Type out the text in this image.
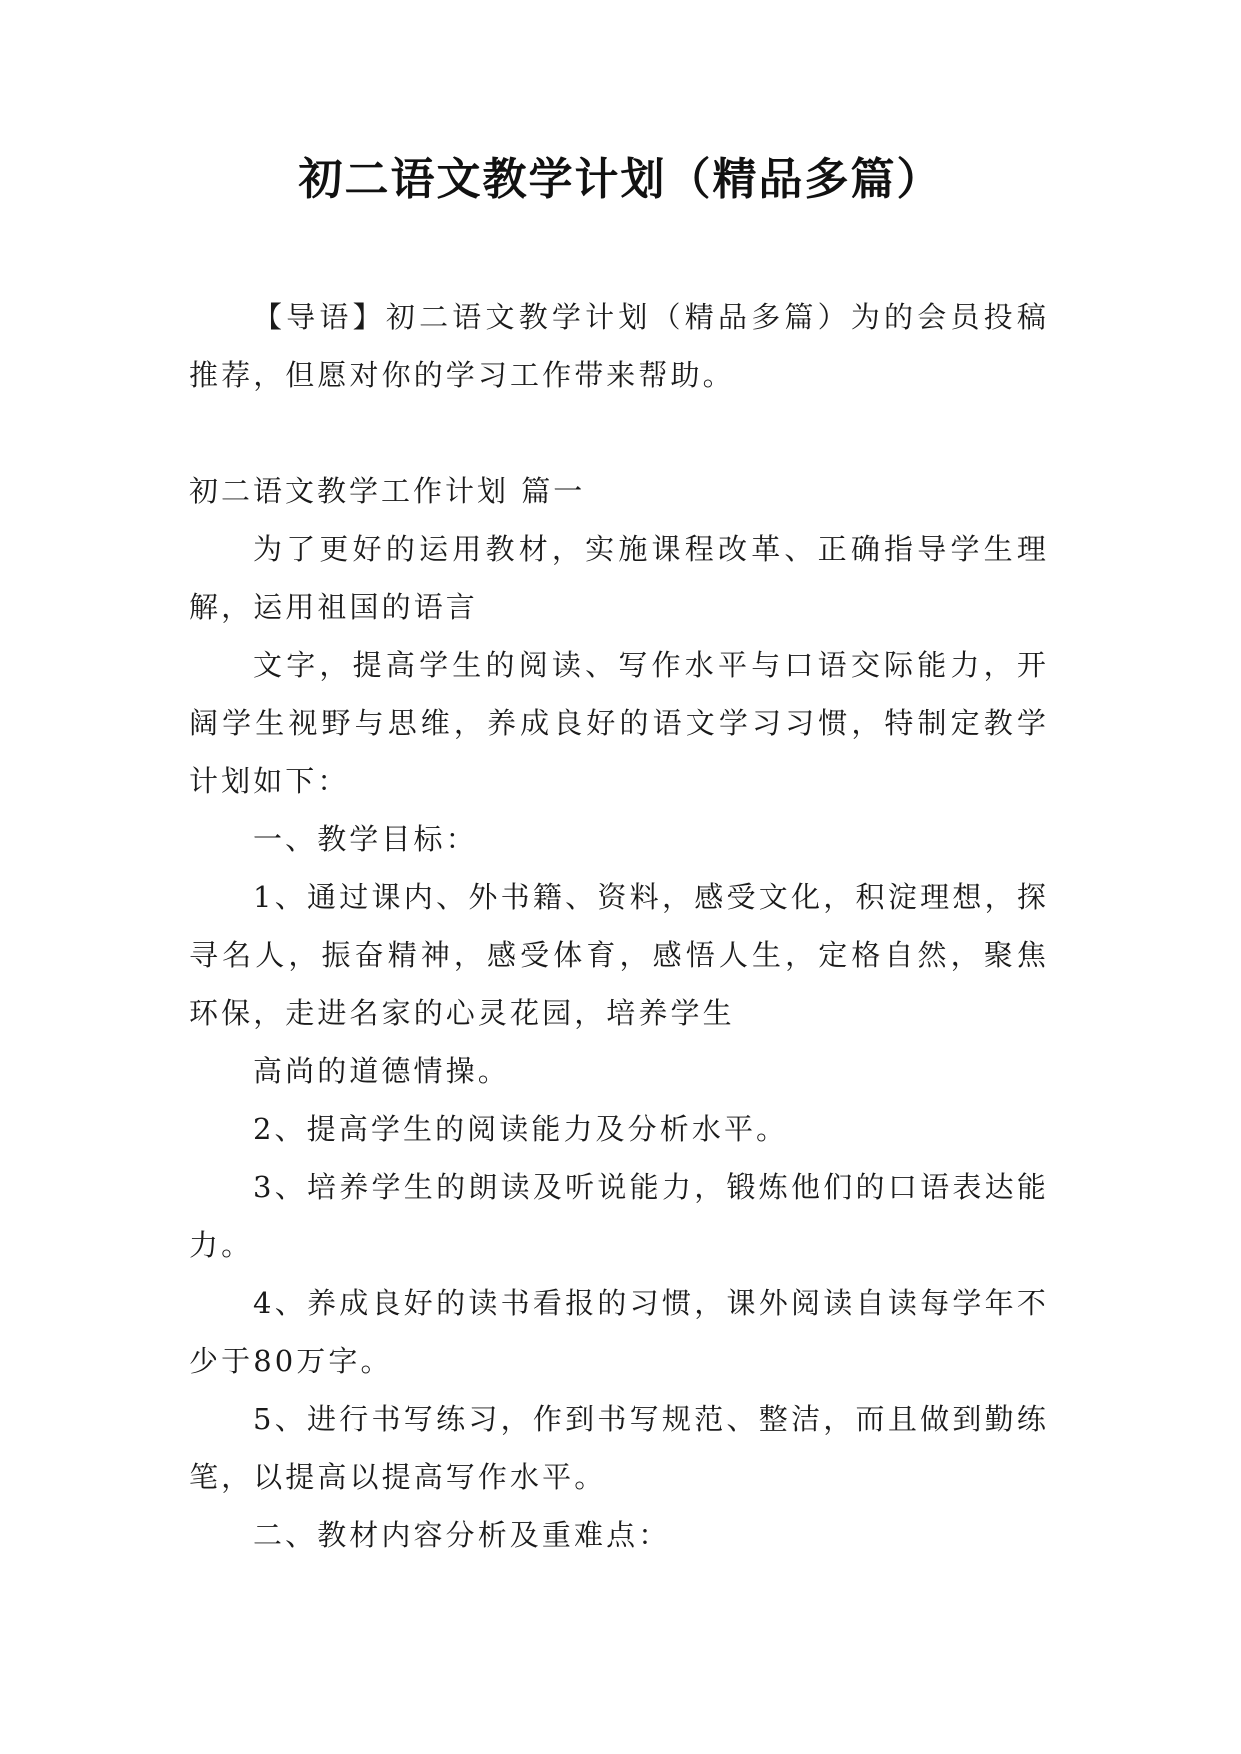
初二语文教学计划（精品多篇）

【导语】初二语文教学计划（精品多篇）为的会员投稿推荐，但愿对你的学习工作带来帮助。

初二语文教学工作计划 篇一

为了更好的运用教材，实施课程改革、正确指导学生理解，运用祖国的语言

文字，提高学生的阅读、写作水平与口语交际能力，开阔学生视野与思维，养成良好的语文学习习惯，特制定教学计划如下：

一、教学目标：

1、通过课内、外书籍、资料，感受文化，积淀理想，探寻名人，振奋精神，感受体育，感悟人生，定格自然，聚焦环保，走进名家的心灵花园，培养学生

高尚的道德情操。

2、提高学生的阅读能力及分析水平。

3、培养学生的朗读及听说能力，锻炼他们的口语表达能力。

4、养成良好的读书看报的习惯，课外阅读自读每学年不少于80万字。

5、进行书写练习，作到书写规范、整洁，而且做到勤练笔，以提高以提高写作水平。

二、教材内容分析及重难点：
